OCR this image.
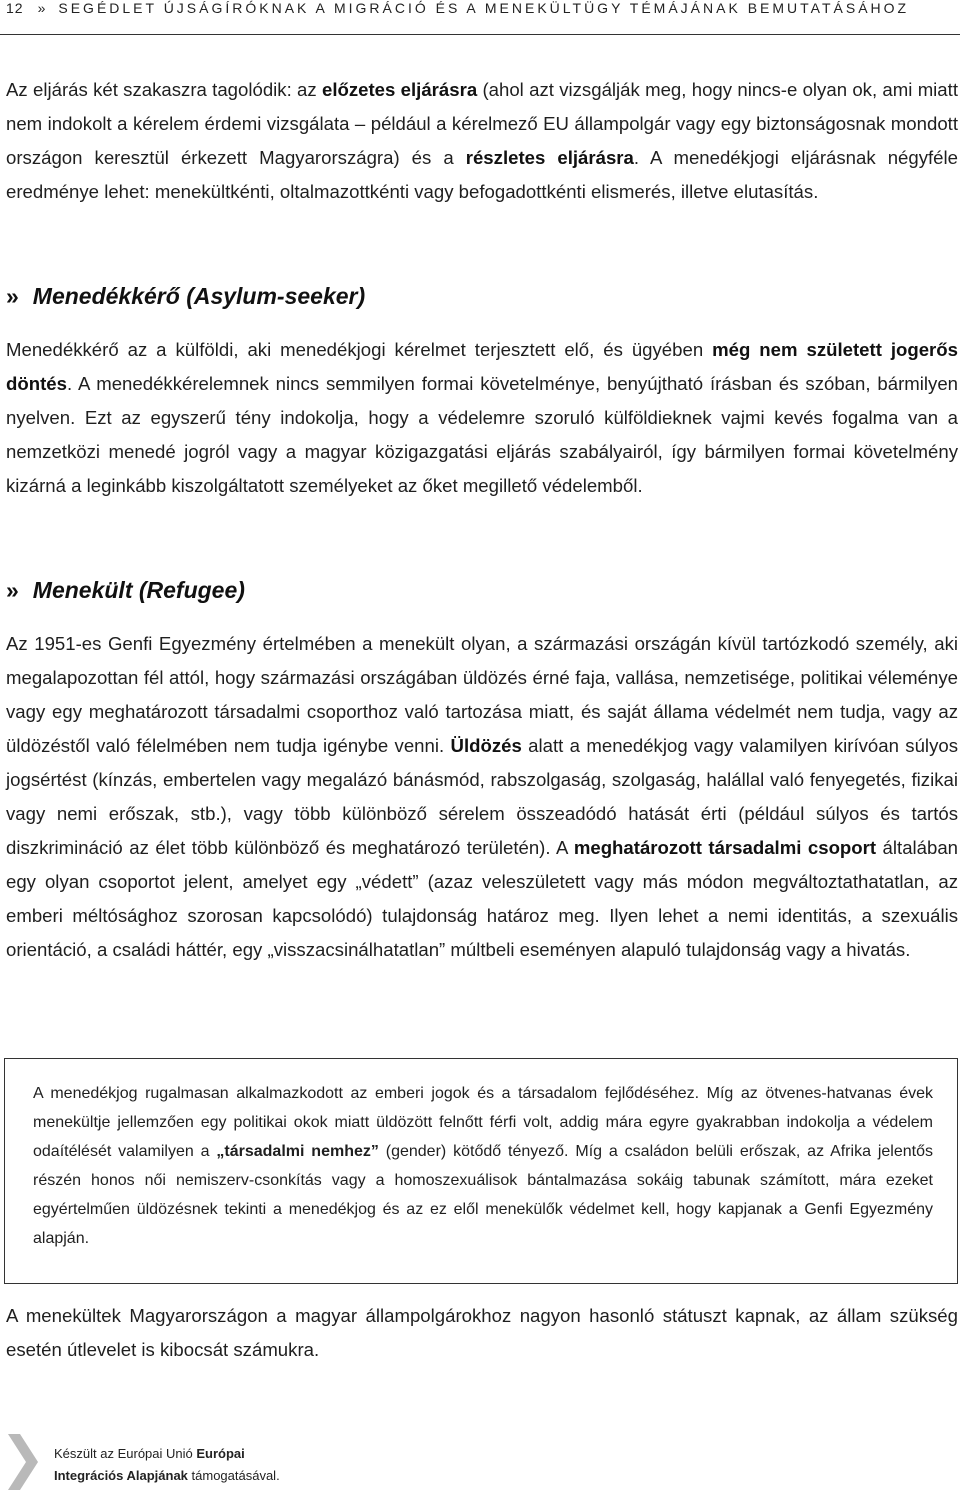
12 » SEGÉDLET ÚJSÁGÍRÓKNAK A MIGRÁCIÓ ÉS A MENEKÜLTÜGY TÉMÁJÁNAK BEMUTATÁSÁHOZ
Az eljárás két szakaszra tagolódik: az előzetes eljárásra (ahol azt vizsgálják meg, hogy nincs-e olyan ok, ami miatt nem indokolt a kérelem érdemi vizsgálata – például a kérelmező EU állampolgár vagy egy biztonságosnak mondott országon keresztül érkezett Magyarországra) és a részletes eljárásra. A menedékjogi eljárásnak négyféle eredménye lehet: menekültkénti, oltalmazottkénti vagy befogadottkénti elismerés, illetve elutasítás.
» Menedékkérő (Asylum-seeker)
Menedékkérő az a külföldi, aki menedékjogi kérelmet terjesztett elő, és ügyében még nem született jogerős döntés. A menedékkérelemnek nincs semmilyen formai követelménye, benyújtható írásban és szóban, bármilyen nyelven. Ezt az egyszerű tény indokolja, hogy a védelemre szoruló külföldieknek vajmi kevés fogalma van a nemzetközi menedé jogról vagy a magyar közigazgatási eljárás szabályairól, így bármilyen formai követelmény kizárná a leginkább kiszolgáltatott személyeket az őket megillető védelemből.
» Menekült (Refugee)
Az 1951-es Genfi Egyezmény értelmében a menekült olyan, a származási országán kívül tartózkodó személy, aki megalapozottan fél attól, hogy származási országában üldözés érné faja, vallása, nemzetisége, politikai véleménye vagy egy meghatározott társadalmi csoporthoz való tartozása miatt, és saját állama védelmét nem tudja, vagy az üldözéstől való félelmében nem tudja igénybe venni. Üldözés alatt a menedékjog vagy valamilyen kirívóan súlyos jogsértést (kínzás, embertelen vagy megalázó bánásmód, rabszolgaság, szolgaság, halállal való fenyegetés, fizikai vagy nemi erőszak, stb.), vagy több különböző sérelem összeadódó hatását érti (például súlyos és tartós diszkrimináció az élet több különböző és meghatározó területén). A meghatározott társadalmi csoport általában egy olyan csoportot jelent, amelyet egy „védett” (azaz veleszületett vagy más módon megváltoztathatatlan, az emberi méltósághoz szorosan kapcsolódó) tulajdonság határoz meg. Ilyen lehet a nemi identitás, a szexuális orientáció, a családi háttér, egy „visszacsinálhatatlan” múltbeli eseményen alapuló tulajdonság vagy a hivatás.
A menedékjog rugalmasan alkalmazkodott az emberi jogok és a társadalom fejlődéséhez. Míg az ötvenes-hatvanas évek menekültje jellemzően egy politikai okok miatt üldözött felnőtt férfi volt, addig mára egyre gyakrabban indokolja a védelem odaítélését valamilyen a „társadalmi nemhez” (gender) kötődő tényező. Míg a családon belüli erőszak, az Afrika jelentős részén honos női nemiszerv-csonkítás vagy a homoszexuálisok bántalmazása sokáig tabunak számított, mára ezeket egyértelműen üldözésnek tekinti a menedékjog és az ez elől menekülők védelmet kell, hogy kapjanak a Genfi Egyezmény alapján.
A menekültek Magyarországon a magyar állampolgárokhoz nagyon hasonló státuszt kapnak, az állam szükség esetén útlevelet is kibocsát számukra.
Készült az Európai Unió Európai
Integrációs Alapjának támogatásával.
